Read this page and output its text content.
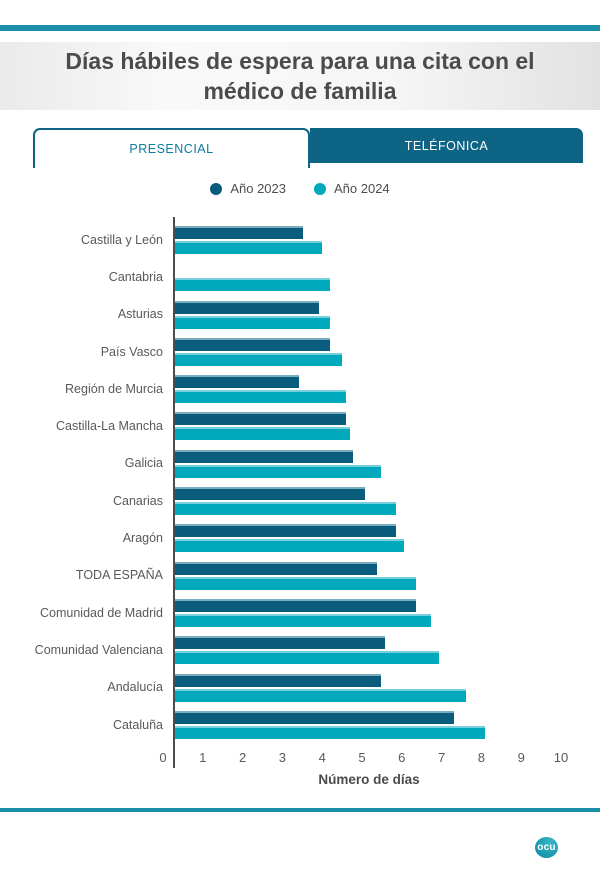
Días hábiles de espera para una cita con el médico de familia
PRESENCIAL	TELÉFONICA
Año 2023	Año 2024
Castilla y León
Cantabria
Asturias
País Vasco
Región de Murcia
Castilla-La Mancha
Galicia
Canarias
Aragón
TODA ESPAÑA
Comunidad de Madrid
Comunidad Valenciana
Andalucía
Cataluña
0	1	2	3	4	5	6	7	8	9 10
Número de días
ocu
